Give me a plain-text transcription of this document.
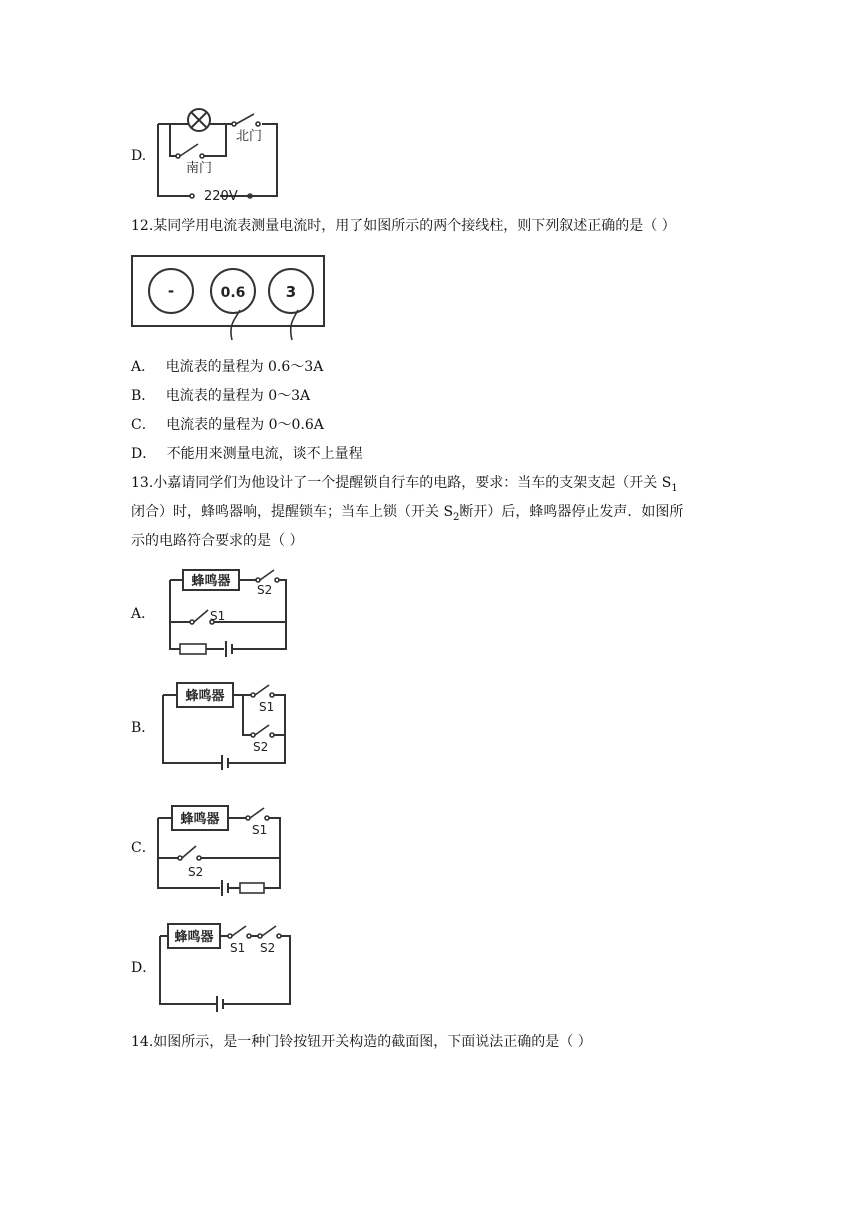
D.
北门
南门
220V
12.某同学用电流表测量电流时，用了如图所示的两个接线柱，则下列叙述正确的是（ ）
-	0.6	3
A． 电流表的量程为 0.6～3A
B． 电流表的量程为 0～3A
C． 电流表的量程为 0～0.6A
D． 不能用来测量电流，谈不上量程
13.小嘉请同学们为他设计了一个提醒锁自行车的电路，要求：当车的支架支起（开关 $S_1$
闭合）时，蜂鸣器响，提醒锁车；当车上锁（开关 $S_2$断开）后，蜂鸣器停止发声．如图所
示的电路符合要求的是（ ）
A．
蜂鸣器
S2
S1
B．
蜂鸣器
S1
S2
C．
蜂鸣器
S1
S2
D．
蜂鸣器
S1 S2
14.如图所示，是一种门铃按钮开关构造的截面图，下面说法正确的是（ ）
